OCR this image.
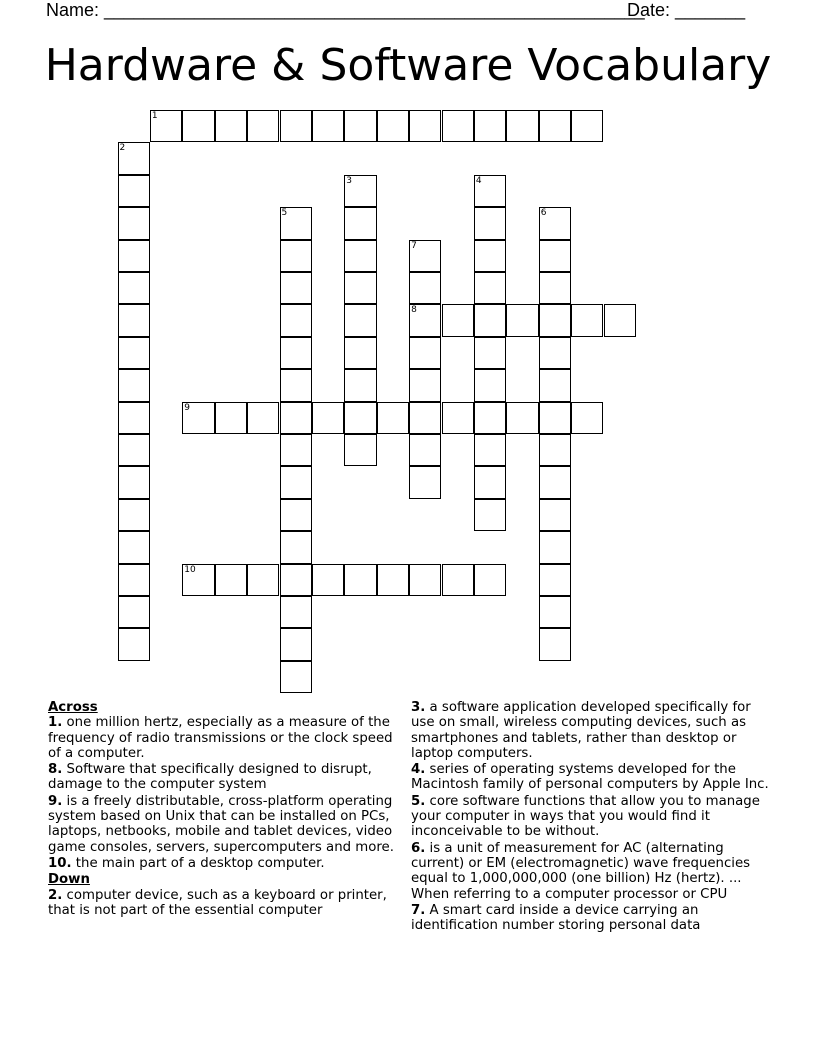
Name: ______________________________________________________
Date: _______
Hardware & Software Vocabulary
1
2
3	4
5	6
7
8
9
10
Across
1. one million hertz, especially as a measure of the frequency of radio transmissions or the clock speed of a computer.
8. Software that specifically designed to disrupt, damage to the computer system
9. is a freely distributable, cross-platform operating system based on Unix that can be installed on PCs, laptops, netbooks, mobile and tablet devices, video game consoles, servers, supercomputers and more.
10. the main part of a desktop computer.
Down
2. computer device, such as a keyboard or printer, that is not part of the essential computer
3. a software application developed specifically for use on small, wireless computing devices, such as smartphones and tablets, rather than desktop or laptop computers.
4. series of operating systems developed for the Macintosh family of personal computers by Apple Inc.
5. core software functions that allow you to manage your computer in ways that you would find it inconceivable to be without.
6. is a unit of measurement for AC (alternating current) or EM (electromagnetic) wave frequencies equal to 1,000,000,000 (one billion) Hz (hertz). ... When referring to a computer processor or CPU
7. A smart card inside a device carrying an identification number storing personal data
